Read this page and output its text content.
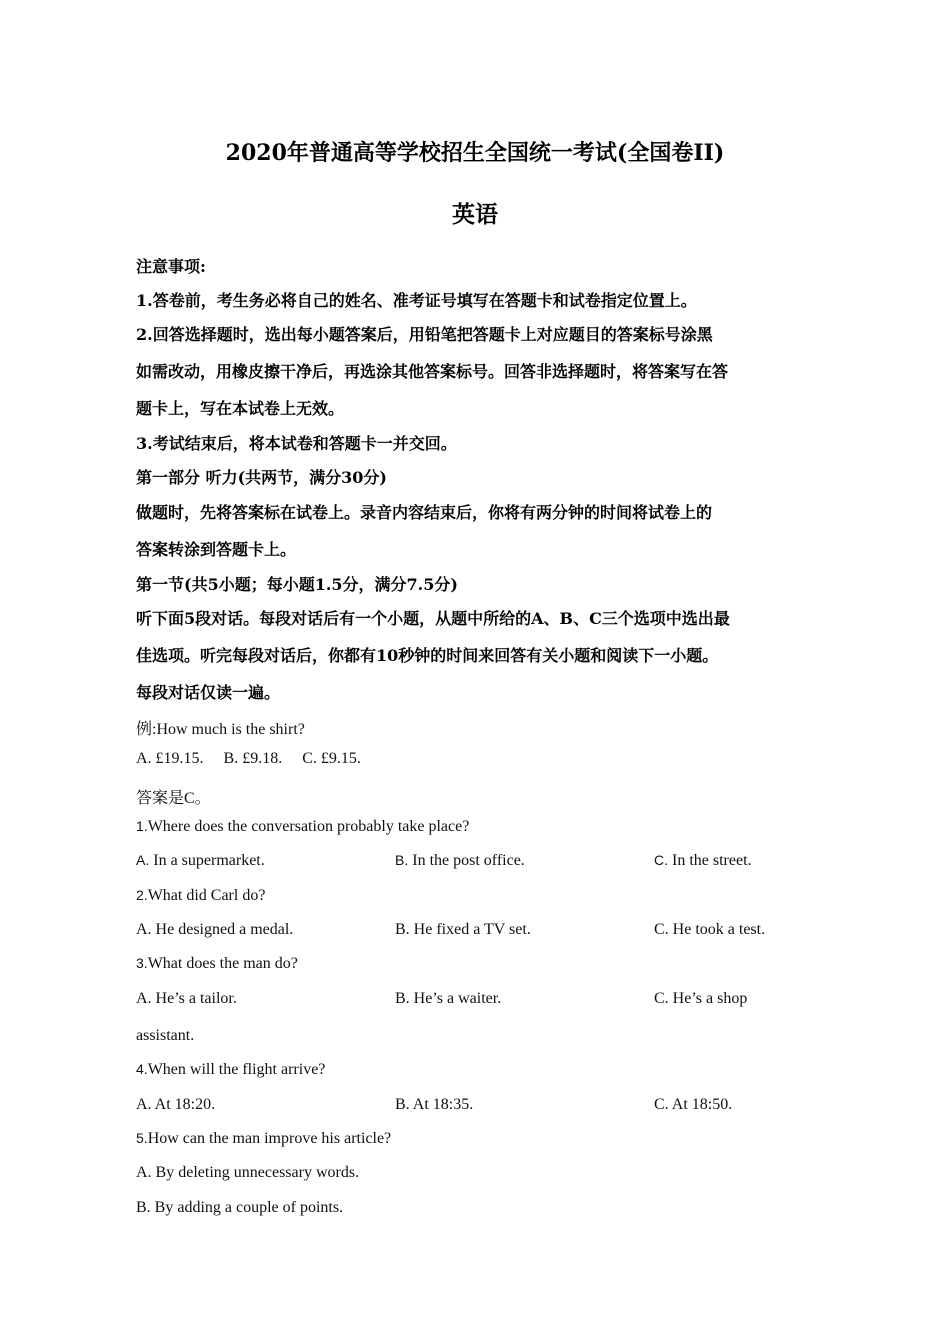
2020年普通高等学校招生全国统一考试(全国卷II)
英语
注意事项:
1.答卷前，考生务必将自己的姓名、准考证号填写在答题卡和试卷指定位置上。
2.回答选择题时，选出每小题答案后，用铅笔把答题卡上对应题目的答案标号涂黑
如需改动，用橡皮擦干净后，再选涂其他答案标号。回答非选择题时，将答案写在答
题卡上，写在本试卷上无效。
3.考试结束后，将本试卷和答题卡一并交回。
第一部分 听力(共两节，满分30分)
做题时，先将答案标在试卷上。录音内容结束后，你将有两分钟的时间将试卷上的
答案转涂到答题卡上。
第一节(共5小题；每小题1.5分，满分7.5分)
听下面5段对话。每段对话后有一个小题，从题中所给的A、B、C三个选项中选出最
佳选项。听完每段对话后，你都有10秒钟的时间来回答有关小题和阅读下一小题。
每段对话仅读一遍。
例:How much is the shirt?
A. £19.15.     B. £9.18.     C. £9.15.
答案是C。
1.Where does the conversation probably take place?
A. In a supermarket.	B. In the post office.	C. In the street.
2.What did Carl do?
A. He designed a medal.	B. He fixed a TV set.	C. He took a test.
3.What does the man do?
A. He’s a tailor.	B. He’s a waiter.	C. He’s a shop
assistant.
4.When will the flight arrive?
A. At 18:20.	B. At 18:35.	C. At 18:50.
5.How can the man improve his article?
A. By deleting unnecessary words.
B. By adding a couple of points.
